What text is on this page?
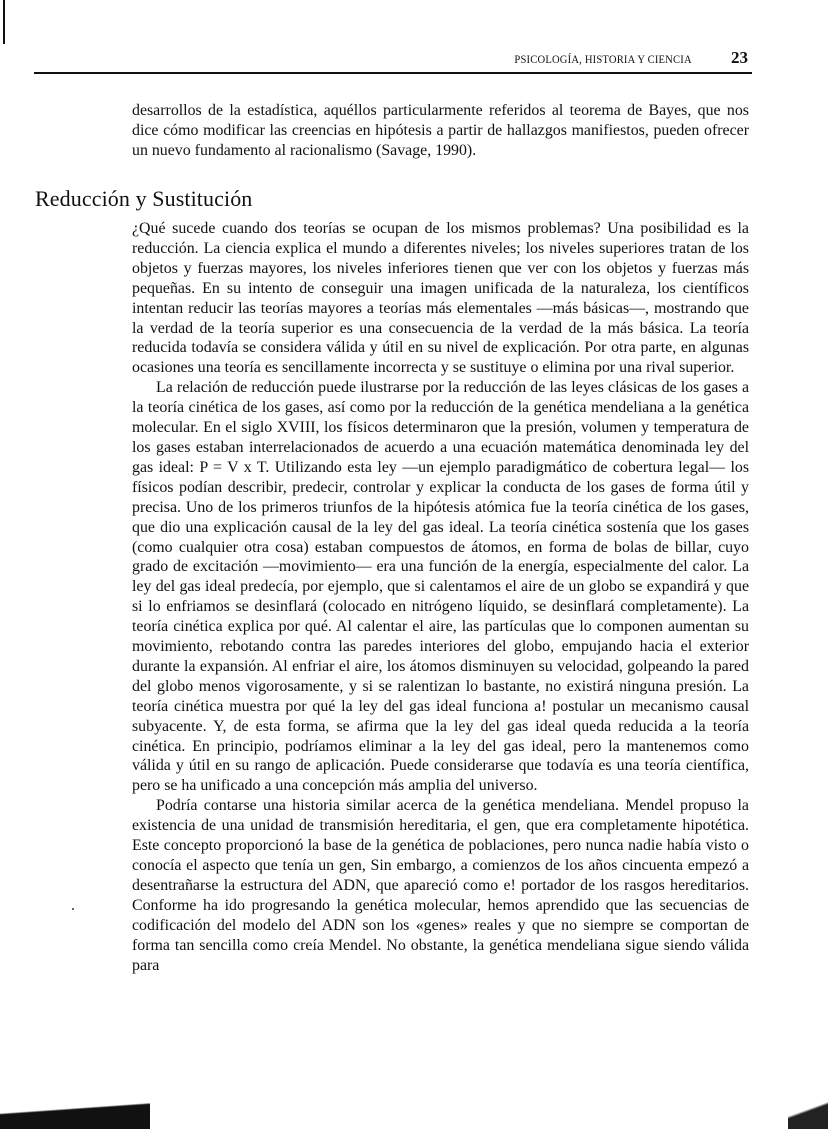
PSICOLOGÍA, HISTORIA Y CIENCIA 23

desarrollos de la estadística, aquéllos particularmente referidos al teorema de Bayes, que nos dice cómo modificar las creencias en hipótesis a partir de hallazgos manifiestos, pueden ofrecer un nuevo fundamento al racionalismo (Savage, 1990).

Reducción y Sustitución

¿Qué sucede cuando dos teorías se ocupan de los mismos problemas? Una posibilidad es la reducción. La ciencia explica el mundo a diferentes niveles; los niveles superiores tratan de los objetos y fuerzas mayores, los niveles inferiores tienen que ver con los objetos y fuerzas más pequeñas. En su intento de conseguir una imagen unificada de la naturaleza, los científicos intentan reducir las teorías mayores a teorías más elementales —más básicas—, mostrando que la verdad de la teoría superior es una consecuencia de la verdad de la más básica. La teoría reducida todavía se considera válida y útil en su nivel de explicación. Por otra parte, en algunas ocasiones una teoría es sencillamente incorrecta y se sustituye o elimina por una rival superior.

La relación de reducción puede ilustrarse por la reducción de las leyes clásicas de los gases a la teoría cinética de los gases, así como por la reducción de la genética mendeliana a la genética molecular. En el siglo XVIII, los físicos determinaron que la presión, volumen y temperatura de los gases estaban interrelacionados de acuerdo a una ecuación matemática denominada ley del gas ideal: P = V x T. Utilizando esta ley —un ejemplo paradigmático de cobertura legal— los físicos podían describir, predecir, controlar y explicar la conducta de los gases de forma útil y precisa. Uno de los primeros triunfos de la hipótesis atómica fue la teoría cinética de los gases, que dio una explicación causal de la ley del gas ideal. La teoría cinética sostenía que los gases (como cualquier otra cosa) estaban compuestos de átomos, en forma de bolas de billar, cuyo grado de excitación —movimiento— era una función de la energía, especialmente del calor. La ley del gas ideal predecía, por ejemplo, que si calentamos el aire de un globo se expandirá y que si lo enfriamos se desinflará (colocado en nitrógeno líquido, se desinflará completamente). La teoría cinética explica por qué. Al calentar el aire, las partículas que lo componen aumentan su movimiento, rebotando contra las paredes interiores del globo, empujando hacia el exterior durante la expansión. Al enfriar el aire, los átomos disminuyen su velocidad, golpeando la pared del globo menos vigorosamente, y si se ralentizan lo bastante, no existirá ninguna presión. La teoría cinética muestra por qué la ley del gas ideal funciona a! postular un mecanismo causal subyacente. Y, de esta forma, se afirma que la ley del gas ideal queda reducida a la teoría cinética. En principio, podríamos eliminar a la ley del gas ideal, pero la mantenemos como válida y útil en su rango de aplicación. Puede considerarse que todavía es una teoría científica, pero se ha unificado a una concepción más amplia del universo.

Podría contarse una historia similar acerca de la genética mendeliana. Mendel propuso la existencia de una unidad de transmisión hereditaria, el gen, que era completamente hipotética. Este concepto proporcionó la base de la genética de poblaciones, pero nunca nadie había visto o conocía el aspecto que tenía un gen, Sin embargo, a comienzos de los años cincuenta empezó a desentrañarse la estructura del ADN, que apareció como e! portador de los rasgos hereditarios. Conforme ha ido progresando la genética molecular, hemos aprendido que las secuencias de codificación del modelo del ADN son los «genes» reales y que no siempre se comportan de forma tan sencilla como creía Mendel. No obstante, la genética mendeliana sigue siendo válida para
